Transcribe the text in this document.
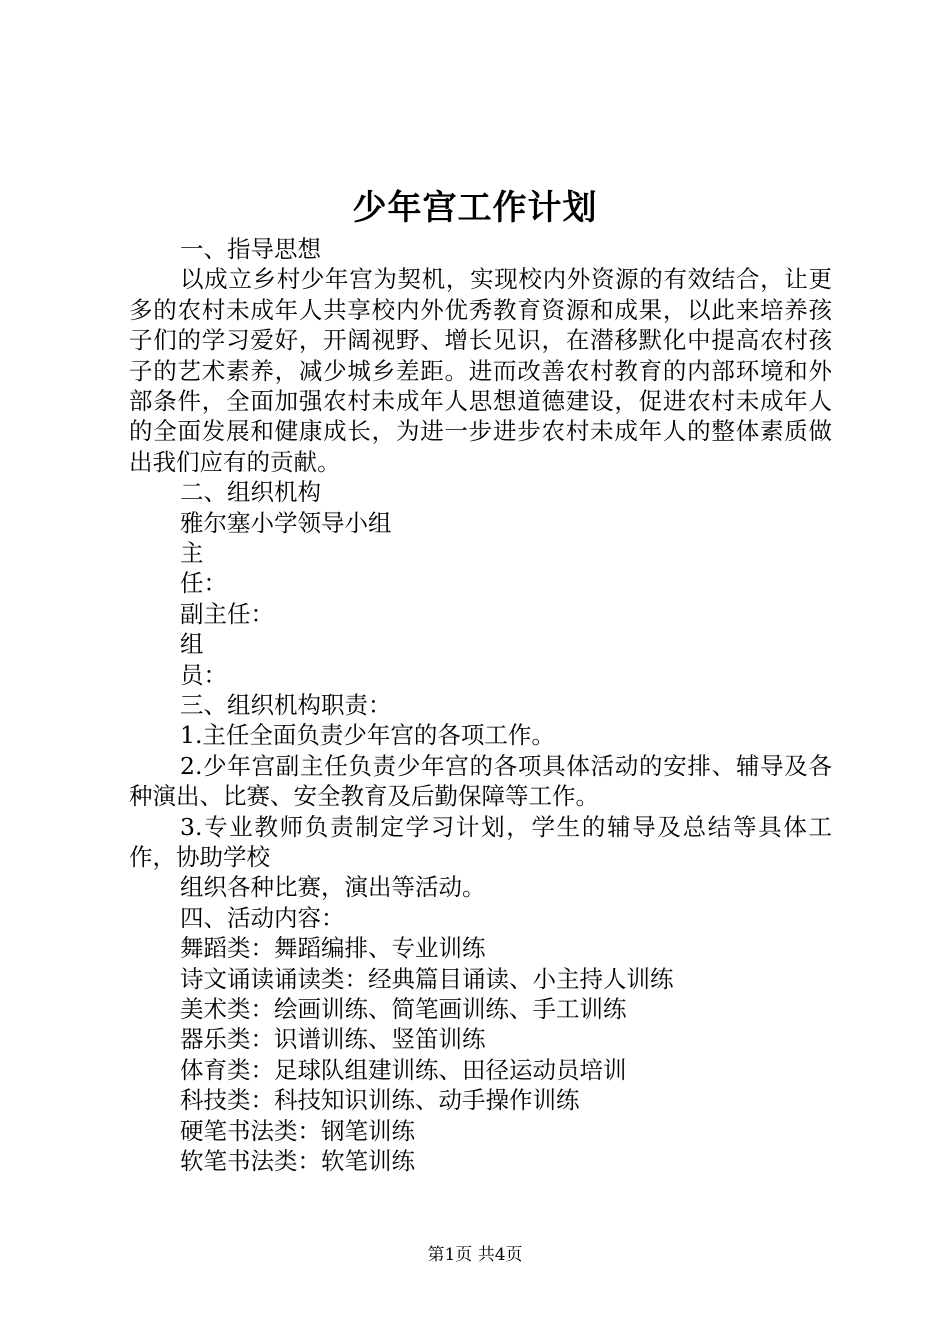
少年宫工作计划

一、指导思想

以成立乡村少年宫为契机，实现校内外资源的有效结合，让更多的农村未成年人共享校内外优秀教育资源和成果，以此来培养孩子们的学习爱好，开阔视野、增长见识，在潜移默化中提高农村孩子的艺术素养，减少城乡差距。进而改善农村教育的内部环境和外部条件，全面加强农村未成年人思想道德建设，促进农村未成年人的全面发展和健康成长，为进一步进步农村未成年人的整体素质做出我们应有的贡献。

二、组织机构

雅尔塞小学领导小组

主

任：

副主任：

组

员：

三、组织机构职责：

1.主任全面负责少年宫的各项工作。

2.少年宫副主任负责少年宫的各项具体活动的安排、辅导及各种演出、比赛、安全教育及后勤保障等工作。

3.专业教师负责制定学习计划，学生的辅导及总结等具体工作，协助学校

组织各种比赛，演出等活动。

四、活动内容：

舞蹈类：舞蹈编排、专业训练

诗文诵读诵读类：经典篇目诵读、小主持人训练

美术类：绘画训练、简笔画训练、手工训练

器乐类：识谱训练、竖笛训练

体育类：足球队组建训练、田径运动员培训

科技类：科技知识训练、动手操作训练

硬笔书法类：钢笔训练

软笔书法类：软笔训练

第1页 共4页
